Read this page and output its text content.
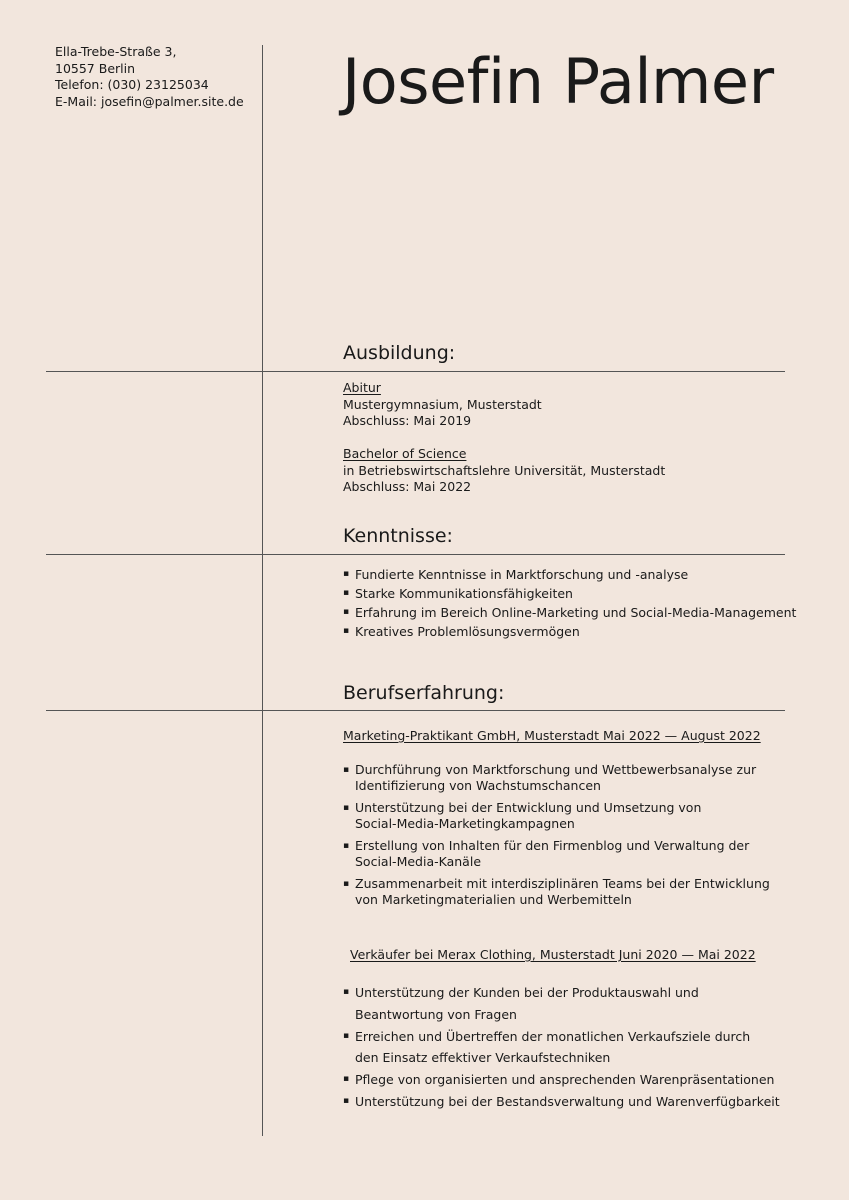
Ella-Trebe-Straße 3,
10557 Berlin
Telefon: (030) 23125034
E-Mail: josefin@palmer.site.de Josefin Palmer
Ausbildung:
Abitur
Mustergymnasium, Musterstadt
Abschluss: Mai 2019
Bachelor of Science
in Betriebswirtschaftslehre Universität, Musterstadt
Abschluss: Mai 2022
Kenntnisse:
▪ Fundierte Kenntnisse in Marktforschung und -analyse
▪ Starke Kommunikationsfähigkeiten
▪ Erfahrung im Bereich Online-Marketing und Social-Media-Management
▪ Kreatives Problemlösungsvermögen
Berufserfahrung:
Marketing-Praktikant GmbH, Musterstadt Mai 2022 — August 2022
▪ Durchführung von Marktforschung und Wettbewerbsanalyse zur
Identifizierung von Wachstumschancen
▪ Unterstützung bei der Entwicklung und Umsetzung von
Social-Media-Marketingkampagnen
▪ Erstellung von Inhalten für den Firmenblog und Verwaltung der
Social-Media-Kanäle
▪ Zusammenarbeit mit interdisziplinären Teams bei der Entwicklung
von Marketingmaterialien und Werbemitteln
Verkäufer bei Merax Clothing, Musterstadt Juni 2020 — Mai 2022
▪ Unterstützung der Kunden bei der Produktauswahl und
Beantwortung von Fragen
▪ Erreichen und Übertreffen der monatlichen Verkaufsziele durch
den Einsatz effektiver Verkaufstechniken
▪ Pflege von organisierten und ansprechenden Warenpräsentationen
▪ Unterstützung bei der Bestandsverwaltung und Warenverfügbarkeit
